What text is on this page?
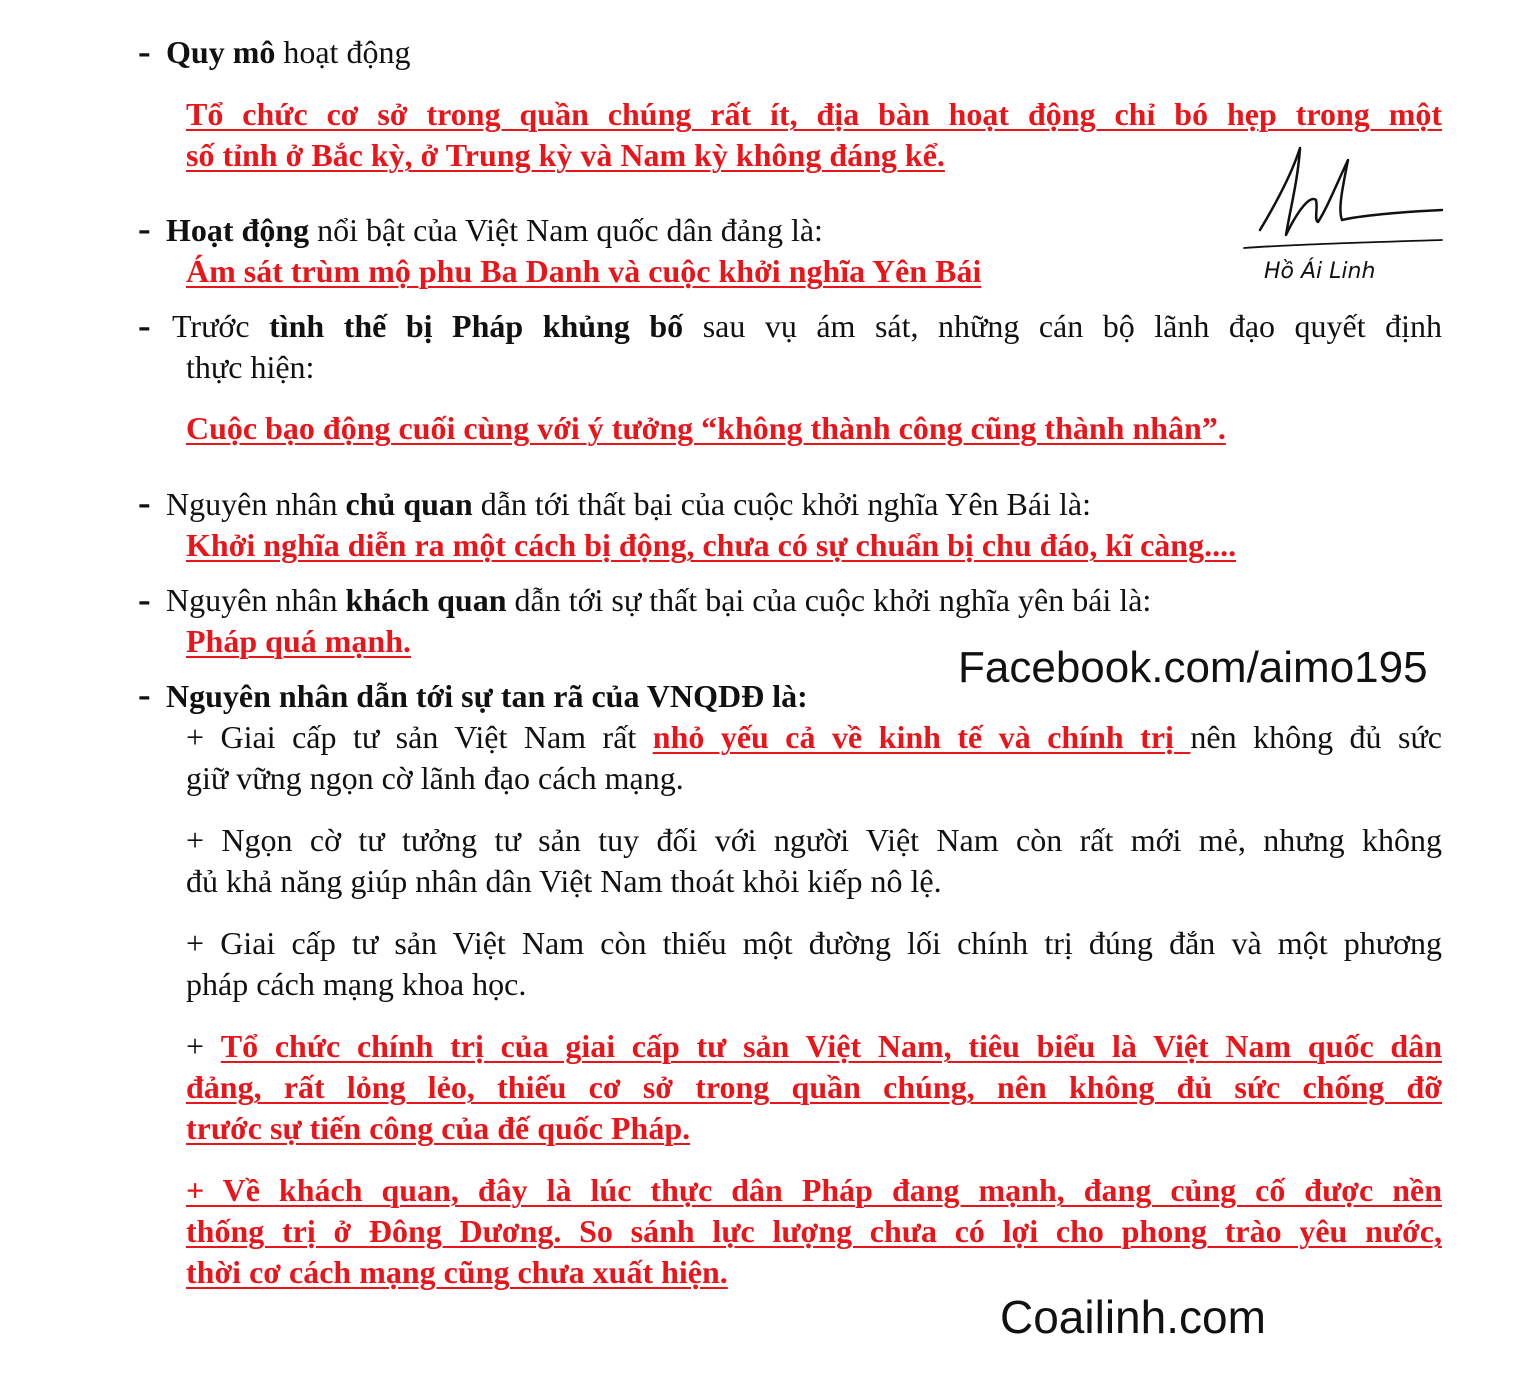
- Quy mô hoạt động
Tổ chức cơ sở trong quần chúng rất ít, địa bàn hoạt động chỉ bó hẹp trong một
số tỉnh ở Bắc kỳ, ở Trung kỳ và Nam kỳ không đáng kể.
Hồ Ái Linh
- Hoạt động nổi bật của Việt Nam quốc dân đảng là:
Ám sát trùm mộ phu Ba Danh và cuộc khởi nghĩa Yên Bái
- Trước tình thế bị Pháp khủng bố sau vụ ám sát, những cán bộ lãnh đạo quyết định
thực hiện:
Cuộc bạo động cuối cùng với ý tưởng “không thành công cũng thành nhân”.
- Nguyên nhân chủ quan dẫn tới thất bại của cuộc khởi nghĩa Yên Bái là:
Khởi nghĩa diễn ra một cách bị động, chưa có sự chuẩn bị chu đáo, kĩ càng....
- Nguyên nhân khách quan dẫn tới sự thất bại của cuộc khởi nghĩa yên bái là:
Pháp quá mạnh.
Facebook.com/aimo195
- Nguyên nhân dẫn tới sự tan rã của VNQDĐ là:
+ Giai cấp tư sản Việt Nam rất nhỏ yếu cả về kinh tế và chính trị nên không đủ sức
giữ vững ngọn cờ lãnh đạo cách mạng.
+ Ngọn cờ tư tưởng tư sản tuy đối với người Việt Nam còn rất mới mẻ, nhưng không
đủ khả năng giúp nhân dân Việt Nam thoát khỏi kiếp nô lệ.
+ Giai cấp tư sản Việt Nam còn thiếu một đường lối chính trị đúng đắn và một phương
pháp cách mạng khoa học.
+ Tổ chức chính trị của giai cấp tư sản Việt Nam, tiêu biểu là Việt Nam quốc dân
đảng, rất lỏng lẻo, thiếu cơ sở trong quần chúng, nên không đủ sức chống đỡ
trước sự tiến công của đế quốc Pháp.
+ Về khách quan, đây là lúc thực dân Pháp đang mạnh, đang củng cố được nền
thống trị ở Đông Dương. So sánh lực lượng chưa có lợi cho phong trào yêu nước,
thời cơ cách mạng cũng chưa xuất hiện.
Coailinh.com
